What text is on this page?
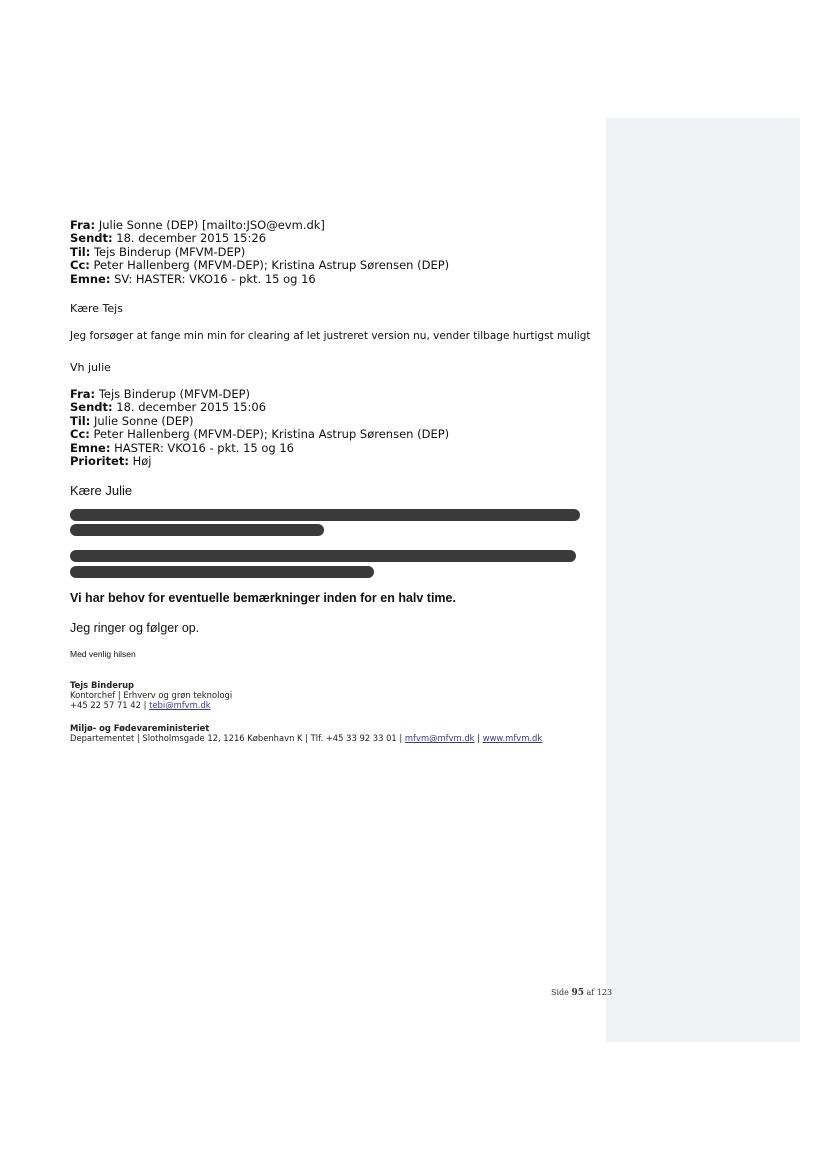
Fra: Julie Sonne (DEP) [mailto:JSO@evm.dk]
Sendt: 18. december 2015 15:26
Til: Tejs Binderup (MFVM-DEP)
Cc: Peter Hallenberg (MFVM-DEP); Kristina Astrup Sørensen (DEP)
Emne: SV: HASTER: VKO16 - pkt. 15 og 16
Kære Tejs
Jeg forsøger at fange min min for clearing af let justreret version nu, vender tilbage hurtigst muligt
Vh julie
Fra: Tejs Binderup (MFVM-DEP)
Sendt: 18. december 2015 15:06
Til: Julie Sonne (DEP)
Cc: Peter Hallenberg (MFVM-DEP); Kristina Astrup Sørensen (DEP)
Emne: HASTER: VKO16 - pkt. 15 og 16
Prioritet: Høj
Kære Julie
Vi har behov for eventuelle bemærkninger inden for en halv time.
Jeg ringer og følger op.
Med venlig hilsen
Tejs Binderup
Kontorchef | Erhverv og grøn teknologi
+45 22 57 71 42 | tebi@mfvm.dk
Miljø- og Fødevareministeriet
Departementet | Slotholmsgade 12, 1216 København K | Tlf. +45 33 92 33 01 | mfvm@mfvm.dk | www.mfvm.dk
Side 95 af 123
